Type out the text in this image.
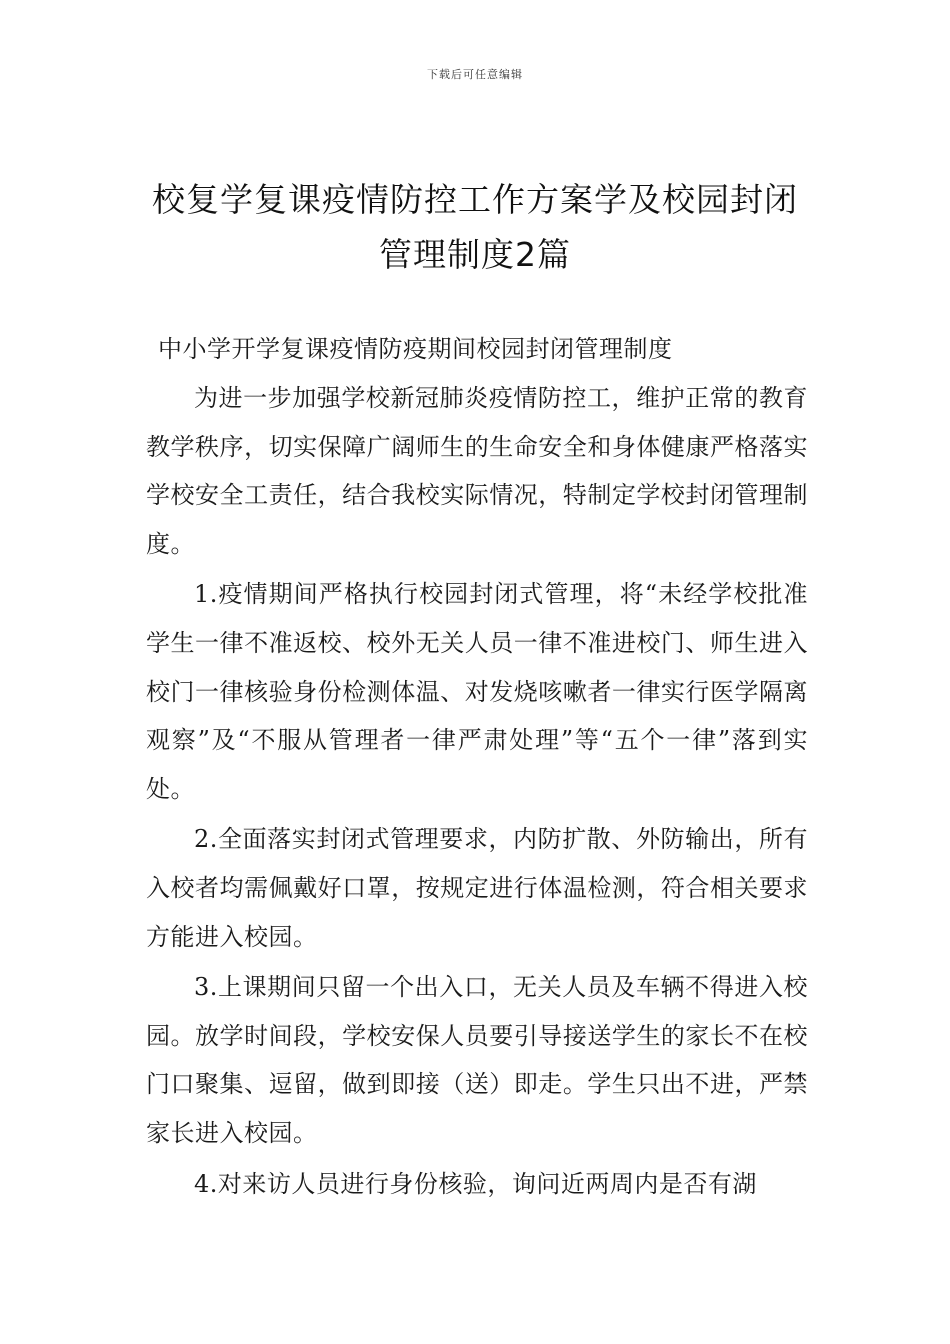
下载后可任意编辑
校复学复课疫情防控工作方案学及校园封闭管理制度2篇

中小学开学复课疫情防疫期间校园封闭管理制度

为进一步加强学校新冠肺炎疫情防控工，维护正常的教育教学秩序，切实保障广阔师生的生命安全和身体健康严格落实学校安全工责任，结合我校实际情况，特制定学校封闭管理制度。

1.疫情期间严格执行校园封闭式管理，将“未经学校批准学生一律不准返校、校外无关人员一律不准进校门、师生进入校门一律核验身份检测体温、对发烧咳嗽者一律实行医学隔离观察”及“不服从管理者一律严肃处理”等“五个一律”落到实处。

2.全面落实封闭式管理要求，内防扩散、外防输出，所有入校者均需佩戴好口罩，按规定进行体温检测，符合相关要求方能进入校园。

3.上课期间只留一个出入口，无关人员及车辆不得进入校园。放学时间段，学校安保人员要引导接送学生的家长不在校门口聚集、逗留，做到即接（送）即走。学生只出不进，严禁家长进入校园。

4.对来访人员进行身份核验，询问近两周内是否有湖
